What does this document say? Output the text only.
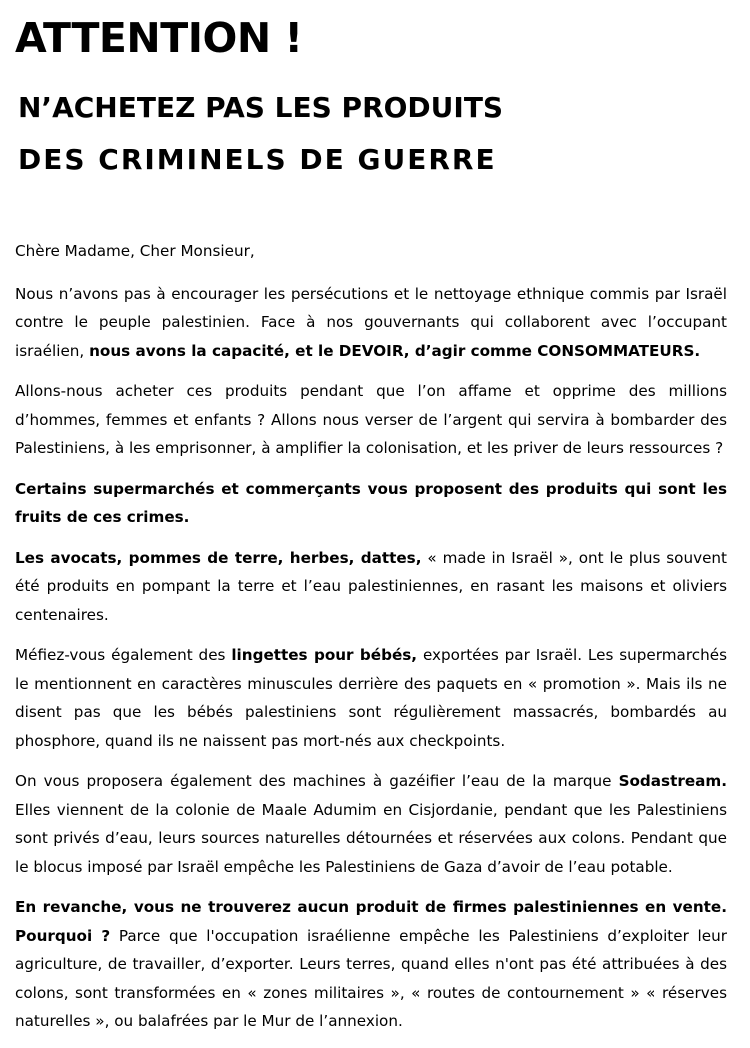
ATTENTION !
N’ACHETEZ PAS LES PRODUITS
DES CRIMINELS DE GUERRE

Chère Madame, Cher Monsieur,

Nous n’avons pas à encourager les persécutions et le nettoyage ethnique commis par Israël contre le peuple palestinien. Face à nos gouvernants qui collaborent avec l’occupant israélien, nous avons la capacité, et le DEVOIR, d’agir comme CONSOMMATEURS.

Allons-nous acheter ces produits pendant que l’on affame et opprime des millions d’hommes, femmes et enfants ? Allons nous verser de l’argent qui servira à bombarder des Palestiniens, à les emprisonner, à amplifier la colonisation, et les priver de leurs ressources ?

Certains supermarchés et commerçants vous proposent des produits qui sont les fruits de ces crimes.

Les avocats, pommes de terre, herbes, dattes, « made in Israël », ont le plus souvent été produits en pompant la terre et l’eau palestiniennes, en rasant les maisons et oliviers centenaires.

Méfiez-vous également des lingettes pour bébés, exportées par Israël. Les supermarchés le mentionnent en caractères minuscules derrière des paquets en « promotion ». Mais ils ne disent pas que les bébés palestiniens sont régulièrement massacrés, bombardés au phosphore, quand ils ne naissent pas mort-nés aux checkpoints.

On vous proposera également des machines à gazéifier l’eau de la marque Sodastream. Elles viennent de la colonie de Maale Adumim en Cisjordanie, pendant que les Palestiniens sont privés d’eau, leurs sources naturelles détournées et réservées aux colons. Pendant que le blocus imposé par Israël empêche les Palestiniens de Gaza d’avoir de l’eau potable.

En revanche, vous ne trouverez aucun produit de firmes palestiniennes en vente. Pourquoi ? Parce que l'occupation israélienne empêche les Palestiniens d’exploiter leur agriculture, de travailler, d’exporter. Leurs terres, quand elles n'ont pas été attribuées à des colons, sont transformées en « zones militaires », « routes de contournement » « réserves naturelles », ou balafrées par le Mur de l’annexion.
